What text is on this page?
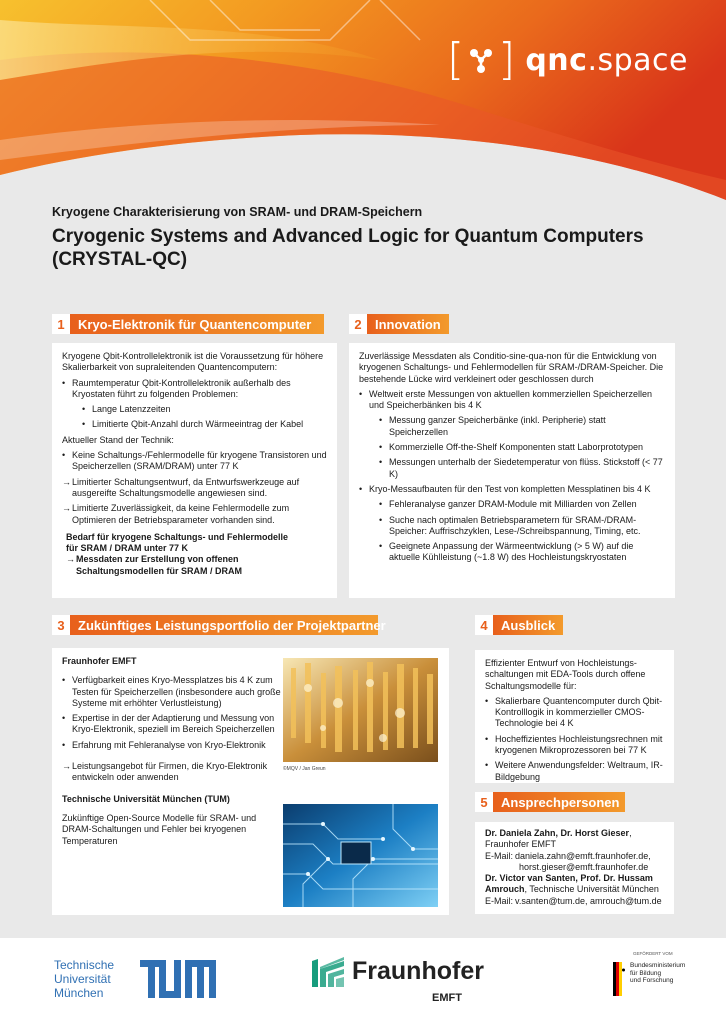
[ ] qnc.space
Kryogene Charakterisierung von SRAM- und DRAM-Speichern
Cryogenic Systems and Advanced Logic for Quantum Computers
(CRYSTAL-QC)
1	Kryo-Elektronik für Quantencomputer

Kryogene Qbit-Kontrollelektronik ist die Voraussetzung für höhere Skalierbarkeit von supraleitenden Quantencomputern:

• Raumtemperatur Qbit-Kontrollelektronik außerhalb des Kryostaten führt zu folgenden Problemen:
• Lange Latenzzeiten
• Limitierte Qbit-Anzahl durch Wärmeeintrag der Kabel

Aktueller Stand der Technik:

• Keine Schaltungs-/Fehlermodelle für kryogene Transistoren und Speicherzellen (SRAM/DRAM) unter 77 K
→ Limitierter Schaltungsentwurf, da Entwurfswerkzeuge auf ausgereifte Schaltungsmodelle angewiesen sind.
→ Limitierte Zuverlässigkeit, da keine Fehlermodelle zum Optimieren der Betriebsparameter vorhanden sind.
Bedarf für kryogene Schaltungs- und Fehlermodelle für SRAM / DRAM unter 77 K
→ Messdaten zur Erstellung von offenen Schaltungsmodellen für SRAM / DRAM
2	Innovation

Zuverlässige Messdaten als Conditio-sine-qua-non für die Entwicklung von kryogenen Schaltungs- und Fehlermodellen für SRAM-/DRAM-Speicher. Die bestehende Lücke wird verkleinert oder geschlossen durch

• Weltweit erste Messungen von aktuellen kommerziellen Speicherzellen und Speicherbänken bis 4 K
• Messung ganzer Speicherbänke (inkl. Peripherie) statt Speicherzellen
• Kommerzielle Off-the-Shelf Komponenten statt Laborprototypen
• Messungen unterhalb der Siedetemperatur von flüss. Stickstoff (< 77 K)
• Kryo-Messaufbauten für den Test von kompletten Messplatinen bis 4 K
• Fehleranalyse ganzer DRAM-Module mit Milliarden von Zellen
• Suche nach optimalen Betriebsparametern für SRAM-/DRAM-Speicher: Auffrischzyklen, Lese-/Schreibspannung, Timing, etc.
• Geeignete Anpassung der Wärmeentwicklung (> 5 W) auf die aktuelle Kühlleistung (~1.8 W) des Hochleistungskryostaten
3	Zukünftiges Leistungsportfolio der Projektpartner

Fraunhofer EMFT

• Verfügbarkeit eines Kryo-Messplatzes bis 4 K zum Testen für Speicherzellen (insbesondere auch große Systeme mit erhöhter Verlustleistung)
• Expertise in der der Adaptierung und Messung von Kryo-Elektronik, speziell im Bereich Speicherzellen
• Erfahrung mit Fehleranalyse von Kryo-Elektronik
→ Leistungsangebot für Firmen, die Kryo-Elektronik entwickeln oder anwenden

Technische Universität München (TUM)

Zukünftige Open-Source Modelle für SRAM- und DRAM-Schaltungen und Fehler bei kryogenen Temperaturen

©MQV / Jan Greun
4	Ausblick

Effizienter Entwurf von Hochleistungs-schaltungen mit EDA-Tools durch offene Schaltungsmodelle für:

• Skalierbare Quantencomputer durch Qbit-Kontrolllogik in kommerzieller CMOS-Technologie bei 4 K
• Hocheffizientes Hochleistungsrechnen mit kryogenen Mikroprozessoren bei 77 K
• Weitere Anwendungsfelder: Weltraum, IR-Bildgebung
5	Ansprechpersonen
Dr. Daniela Zahn, Dr. Horst Gieser, Fraunhofer EMFT
E-Mail: daniela.zahn@emft.fraunhofer.de,
horst.gieser@emft.fraunhofer.de
Dr. Victor van Santen, Prof. Dr. Hussam Amrouch, Technische Universität München
E-Mail: v.santen@tum.de, amrouch@tum.de
Technische
Universität
München
Fraunhofer
EMFT
GEFÖRDERT VOM
Bundesministerium
für Bildung
und Forschung
